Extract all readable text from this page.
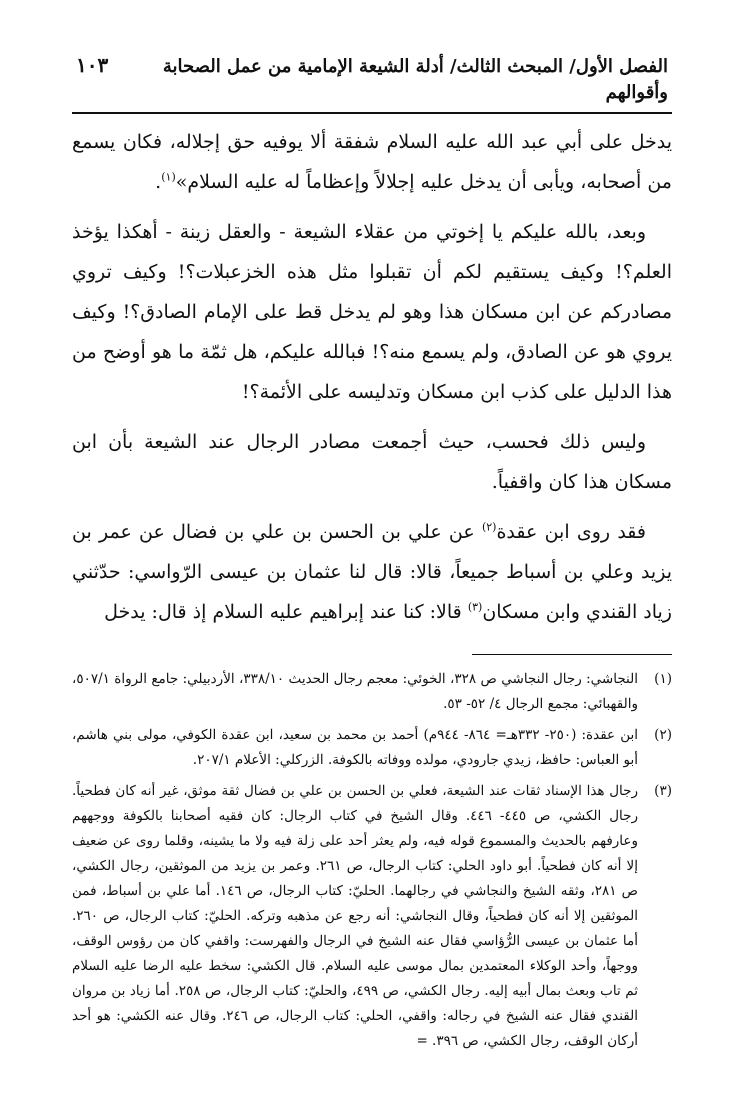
الفصل الأول/ المبحث الثالث/ أدلة الشيعة الإمامية من عمل الصحابة وأقوالهم
١٠٣

يدخل على أبي عبد الله عليه السلام شفقة ألا يوفيه حق إجلاله، فكان يسمع من أصحابه، ويأبى أن يدخل عليه إجلالاً وإعظاماً له عليه السلام»$^{(١)}$.

وبعد، بالله عليكم يا إخوتي من عقلاء الشيعة - والعقل زينة - أهكذا يؤخذ العلم؟! وكيف يستقيم لكم أن تقبلوا مثل هذه الخزعبلات؟! وكيف تروي مصادركم عن ابن مسكان هذا وهو لم يدخل قط على الإمام الصادق؟! وكيف يروي هو عن الصادق، ولم يسمع منه؟! فبالله عليكم، هل ثمّة ما هو أوضح من هذا الدليل على كذب ابن مسكان وتدليسه على الأئمة؟!

وليس ذلك فحسب، حيث أجمعت مصادر الرجال عند الشيعة بأن ابن مسكان هذا كان واقفياً.

فقد روى ابن عقدة$^{(٢)}$ عن علي بن الحسن بن علي بن فضال عن عمر بن يزيد وعلي بن أسباط جميعاً، قالا: قال لنا عثمان بن عيسى الرّواسي: حدّثني زياد القندي وابن مسكان$^{(٣)}$ قالا: كنا عند إبراهيم عليه السلام إذ قال: يدخل

(١)
النجاشي: رجال النجاشي ص ٣٢٨، الخوئي: معجم رجال الحديث ٣٣٨/١٠، الأردبيلي: جامع الرواة ٥٠٧/١، والقهبائي: مجمع الرجال ٤/ ٥٢- ٥٣.
(٢)
ابن عقدة: (٢٥٠- ٣٣٢هـ= ٨٦٤- ٩٤٤م) أحمد بن محمد بن سعيد، ابن عقدة الكوفي، مولى بني هاشم، أبو العباس: حافظ، زيدي جارودي، مولده ووفاته بالكوفة. الزركلي: الأعلام ٢٠٧/١.
(٣)
رجال هذا الإسناد ثقات عند الشيعة، فعلي بن الحسن بن علي بن فضال ثقة موثق، غير أنه كان فطحياً. رجال الكشي، ص ٤٤٥- ٤٤٦. وقال الشيخ في كتاب الرجال: كان فقيه أصحابنا بالكوفة ووجههم وعارفهم بالحديث والمسموع قوله فيه، ولم يعثر أحد على زلة فيه ولا ما يشينه، وقلما روى عن ضعيف إلا أنه كان فطحياً. أبو داود الحلي: كتاب الرجال، ص ٢٦١. وعمر بن يزيد من الموثقين، رجال الكشي، ص ٢٨١، وثقه الشيخ والنجاشي في رجالهما. الحليّ: كتاب الرجال، ص ١٤٦. أما علي بن أسباط، فمن الموثقين إلا أنه كان فطحياً، وقال النجاشي: أنه رجع عن مذهبه وتركه. الحليّ: كتاب الرجال، ص ٢٦٠. أما عثمان بن عيسى الرُّؤاسي فقال عنه الشيخ في الرجال والفهرست: واقفي كان من رؤوس الوقف، ووجهاً، وأحد الوكلاء المعتمدين بمال موسى عليه السلام. قال الكشي: سخط عليه الرضا عليه السلام ثم تاب وبعث بمال أبيه إليه. رجال الكشي، ص ٤٩٩، والحليّ: كتاب الرجال، ص ٢٥٨. أما زياد بن مروان القندي فقال عنه الشيخ في رجاله: واقفي، الحلي: كتاب الرجال، ص ٢٤٦. وقال عنه الكشي: هو أحد أركان الوقف، رجال الكشي، ص ٣٩٦. =
